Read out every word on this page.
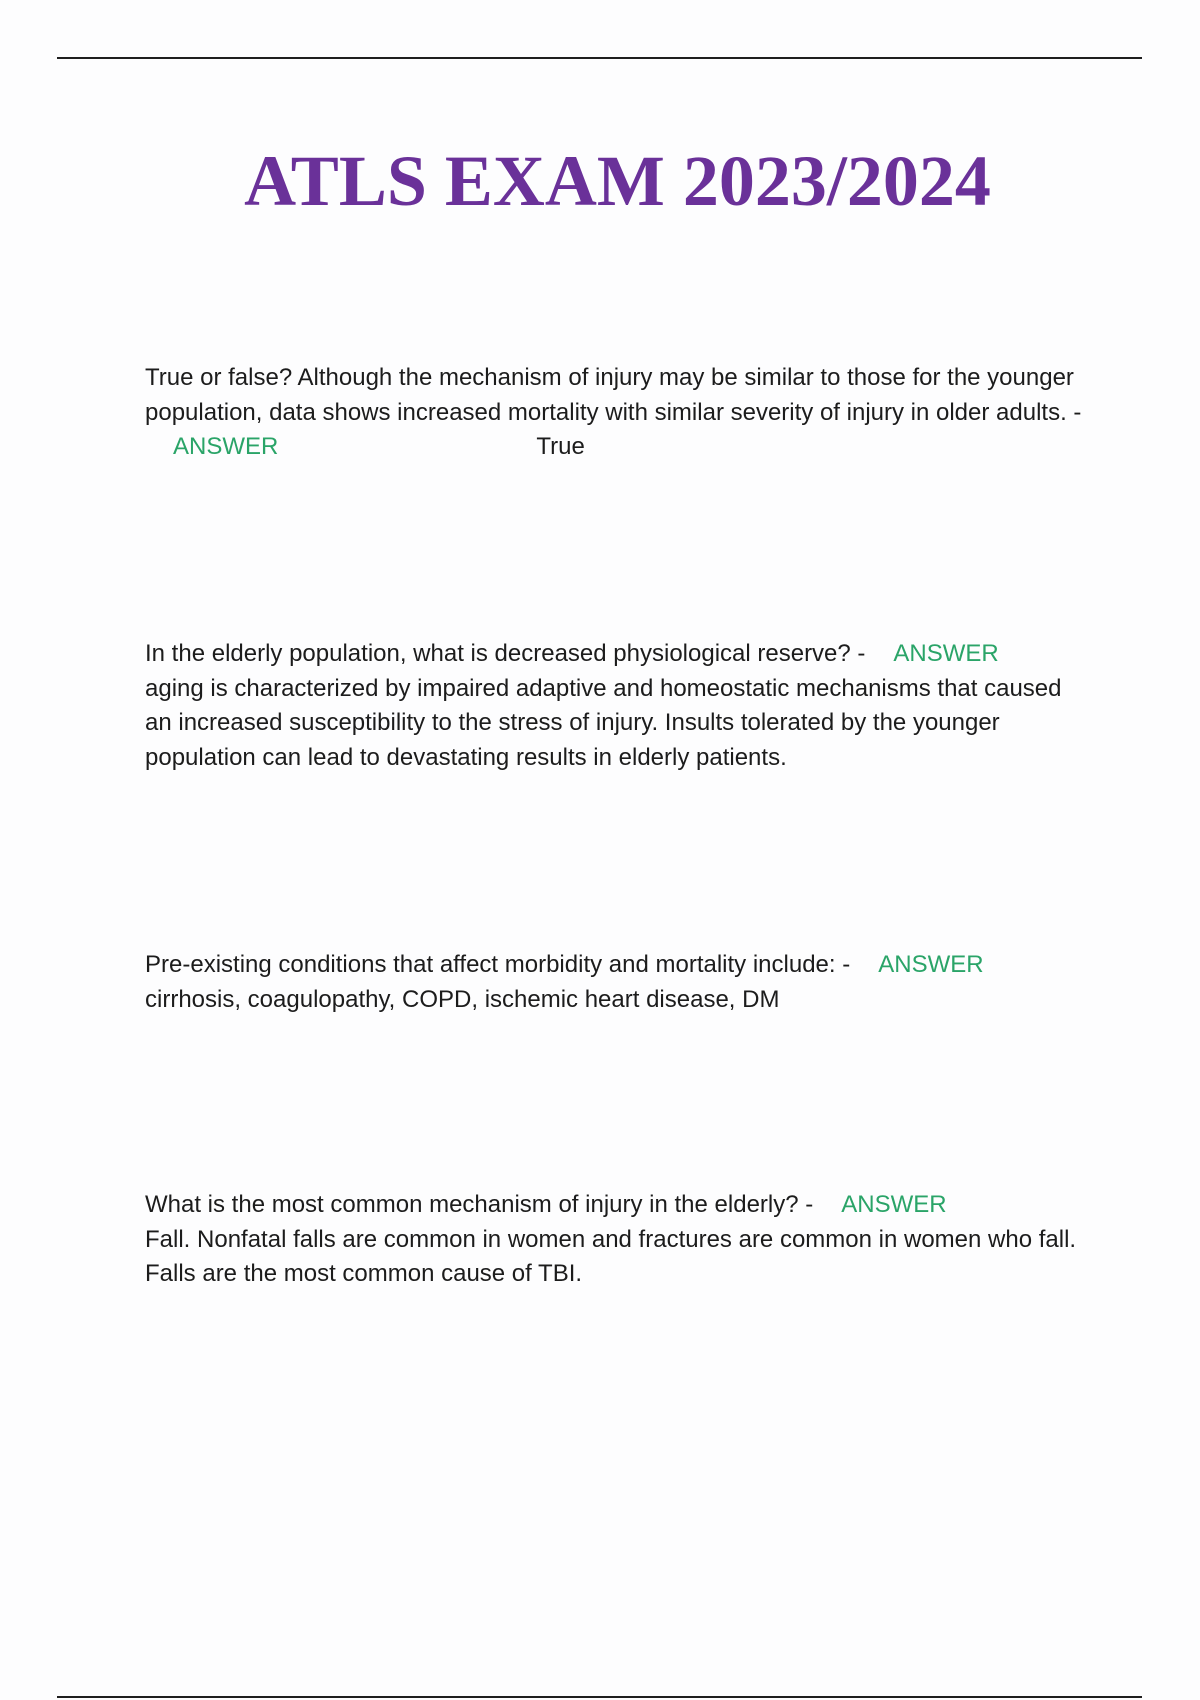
ATLS EXAM 2023/2024

True or false? Although the mechanism of injury may be similar to those for the younger population, data shows increased mortality with similar severity of injury in older adults. -ANSWER	True

In the elderly population, what is decreased physiological reserve? - ANSWER
aging is characterized by impaired adaptive and homeostatic mechanisms that caused an increased susceptibility to the stress of injury. Insults tolerated by the younger population can lead to devastating results in elderly patients.

Pre-existing conditions that affect morbidity and mortality include: - ANSWER
cirrhosis, coagulopathy, COPD, ischemic heart disease, DM

What is the most common mechanism of injury in the elderly? - ANSWER
Fall. Nonfatal falls are common in women and fractures are common in women who fall. Falls are the most common cause of TBI.
